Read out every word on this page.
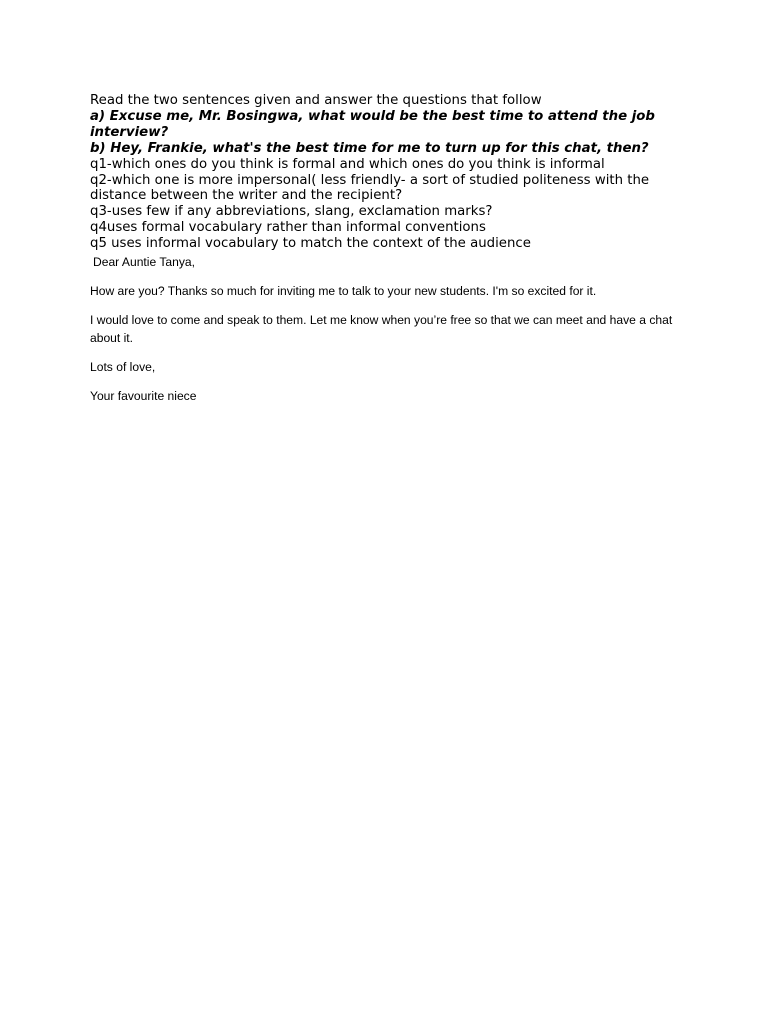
Read the two sentences given and answer the questions that follow

a) Excuse me, Mr. Bosingwa, what would be the best time to attend the job interview?

b) Hey, Frankie, what's the best time for me to turn up for this chat, then?

q1-which ones do you think is formal and which ones do you think is informal

q2-which one is more impersonal( less friendly- a sort of studied politeness with the distance between the writer and the recipient?

q3-uses few if any abbreviations, slang, exclamation marks?

q4uses formal vocabulary rather than informal conventions

q5 uses informal vocabulary to match the context of the audience

Dear Auntie Tanya,

How are you? Thanks so much for inviting me to talk to your new students. I'm so excited for it.

I would love to come and speak to them. Let me know when you’re free so that we can meet and have a chat about it.

Lots of love,

Your favourite niece
